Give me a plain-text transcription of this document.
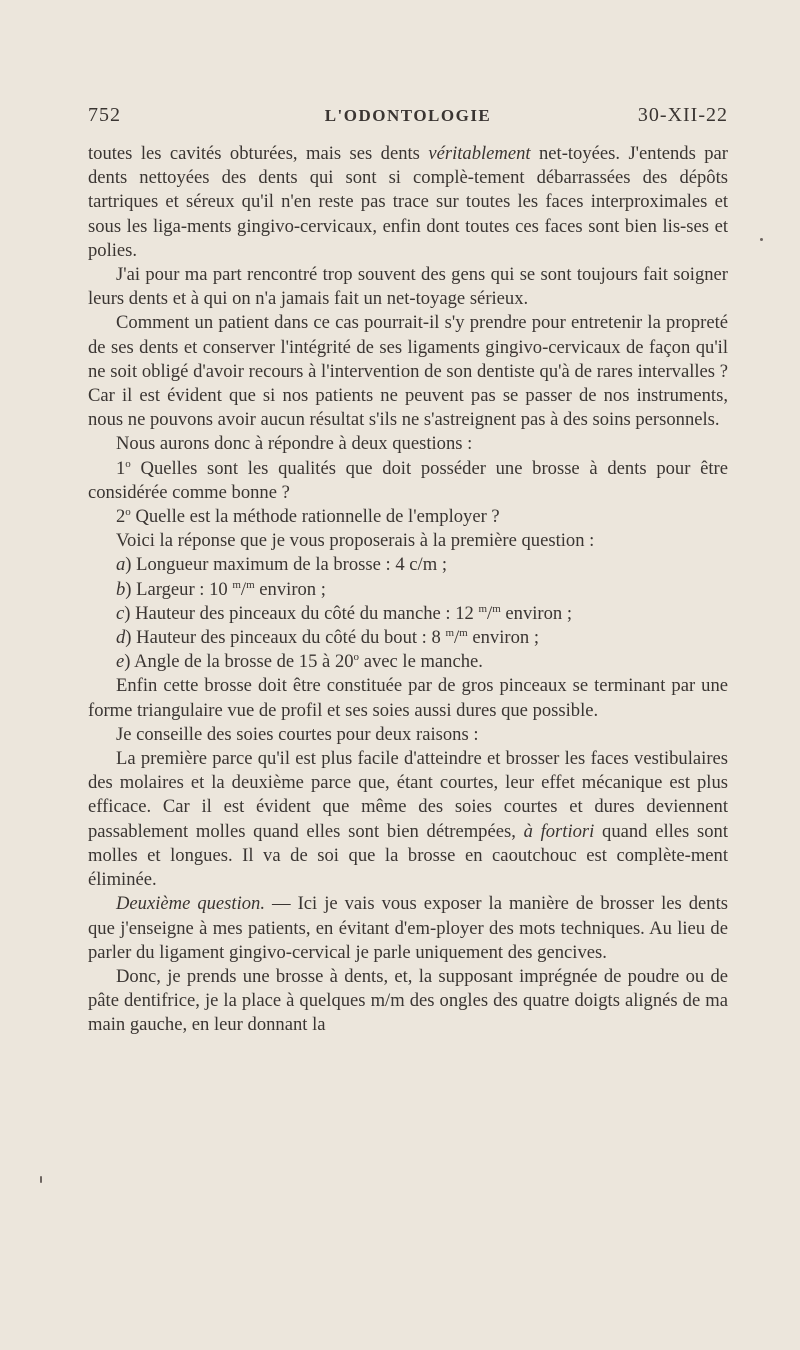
752	L'ODONTOLOGIE	30-XII-22

toutes les cavités obturées, mais ses dents véritablement net-toyées. J'entends par dents nettoyées des dents qui sont si complè-tement débarrassées des dépôts tartriques et séreux qu'il n'en reste pas trace sur toutes les faces interproximales et sous les liga-ments gingivo-cervicaux, enfin dont toutes ces faces sont bien lis-ses et polies.

J'ai pour ma part rencontré trop souvent des gens qui se sont toujours fait soigner leurs dents et à qui on n'a jamais fait un net-toyage sérieux.

Comment un patient dans ce cas pourrait-il s'y prendre pour entretenir la propreté de ses dents et conserver l'intégrité de ses ligaments gingivo-cervicaux de façon qu'il ne soit obligé d'avoir recours à l'intervention de son dentiste qu'à de rares intervalles ? Car il est évident que si nos patients ne peuvent pas se passer de nos instruments, nous ne pouvons avoir aucun résultat s'ils ne s'astreignent pas à des soins personnels.

Nous aurons donc à répondre à deux questions :

1$^o$ Quelles sont les qualités que doit posséder une brosse à dents pour être considérée comme bonne ?

2$^o$ Quelle est la méthode rationnelle de l'employer ?

Voici la réponse que je vous proposerais à la première question :

a) Longueur maximum de la brosse : 4 c/m ;

b) Largeur : 10 $^m$/$^m$ environ ;

c) Hauteur des pinceaux du côté du manche : 12 $^m$/$^m$ environ ;

d) Hauteur des pinceaux du côté du bout : 8 $^m$/$^m$ environ ;

e) Angle de la brosse de 15 à 20$^o$ avec le manche.

Enfin cette brosse doit être constituée par de gros pinceaux se terminant par une forme triangulaire vue de profil et ses soies aussi dures que possible.

Je conseille des soies courtes pour deux raisons :

La première parce qu'il est plus facile d'atteindre et brosser les faces vestibulaires des molaires et la deuxième parce que, étant courtes, leur effet mécanique est plus efficace. Car il est évident que même des soies courtes et dures deviennent passablement molles quand elles sont bien détrempées, à fortiori quand elles sont molles et longues. Il va de soi que la brosse en caoutchouc est complète-ment éliminée.

Deuxième question. — Ici je vais vous exposer la manière de brosser les dents que j'enseigne à mes patients, en évitant d'em-ployer des mots techniques. Au lieu de parler du ligament gingivo-cervical je parle uniquement des gencives.

Donc, je prends une brosse à dents, et, la supposant imprégnée de poudre ou de pâte dentifrice, je la place à quelques m/m des ongles des quatre doigts alignés de ma main gauche, en leur donnant la
